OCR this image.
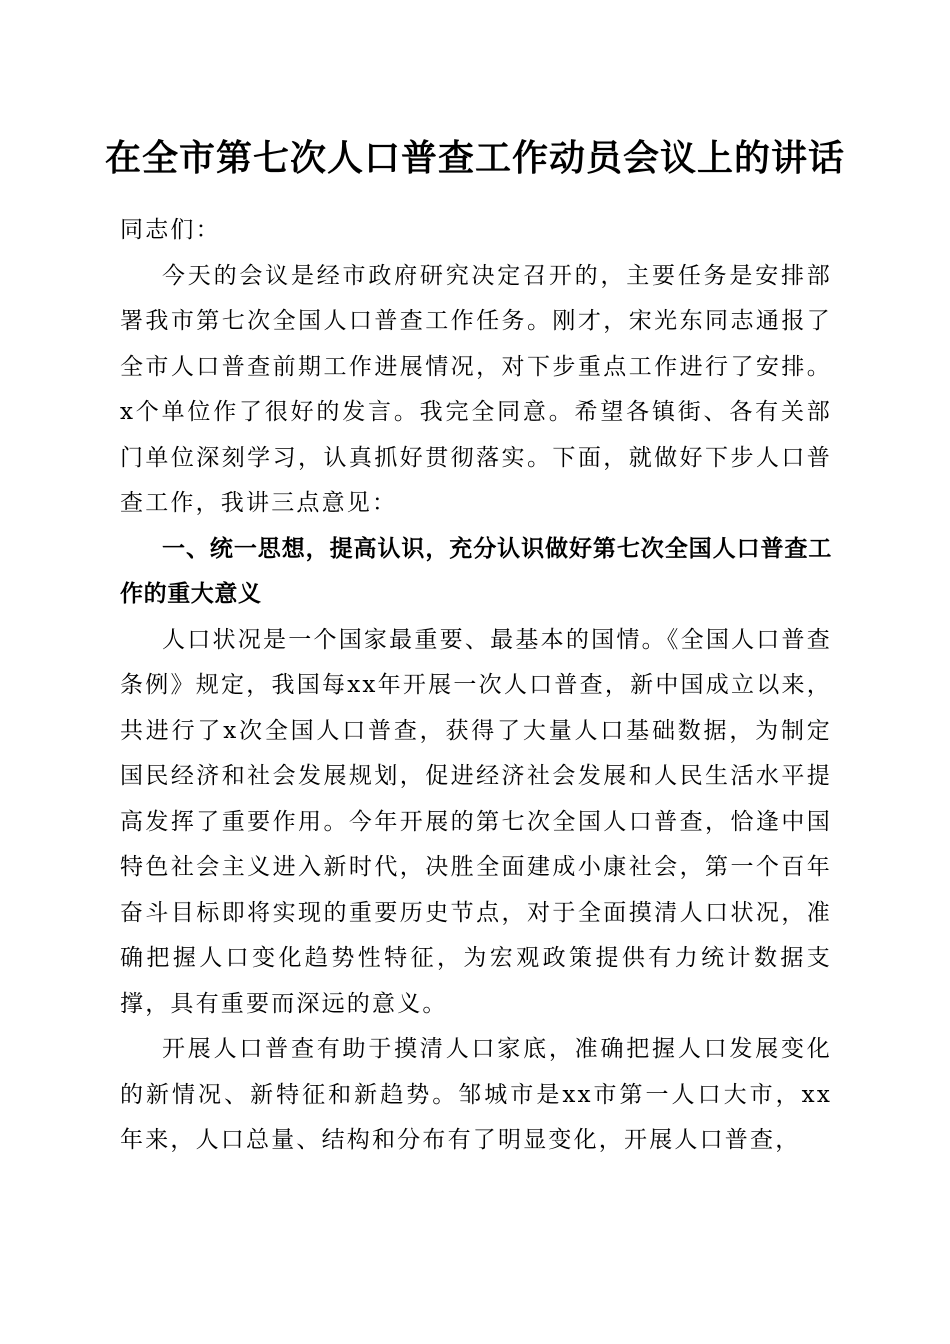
在全市第七次人口普查工作动员会议上的讲话

同志们：

今天的会议是经市政府研究决定召开的，主要任务是安排部署我市第七次全国人口普查工作任务。刚才，宋光东同志通报了全市人口普查前期工作进展情况，对下步重点工作进行了安排。x个单位作了很好的发言。我完全同意。希望各镇街、各有关部门单位深刻学习，认真抓好贯彻落实。下面，就做好下步人口普查工作，我讲三点意见：

一、统一思想，提高认识，充分认识做好第七次全国人口普查工作的重大意义

人口状况是一个国家最重要、最基本的国情。《全国人口普查条例》规定，我国每xx年开展一次人口普查，新中国成立以来，共进行了x次全国人口普查，获得了大量人口基础数据，为制定国民经济和社会发展规划，促进经济社会发展和人民生活水平提高发挥了重要作用。今年开展的第七次全国人口普查，恰逢中国特色社会主义进入新时代，决胜全面建成小康社会，第一个百年奋斗目标即将实现的重要历史节点，对于全面摸清人口状况，准确把握人口变化趋势性特征，为宏观政策提供有力统计数据支撑，具有重要而深远的意义。

开展人口普查有助于摸清人口家底，准确把握人口发展变化的新情况、新特征和新趋势。邹城市是xx市第一人口大市，xx年来，人口总量、结构和分布有了明显变化，开展人口普查，
